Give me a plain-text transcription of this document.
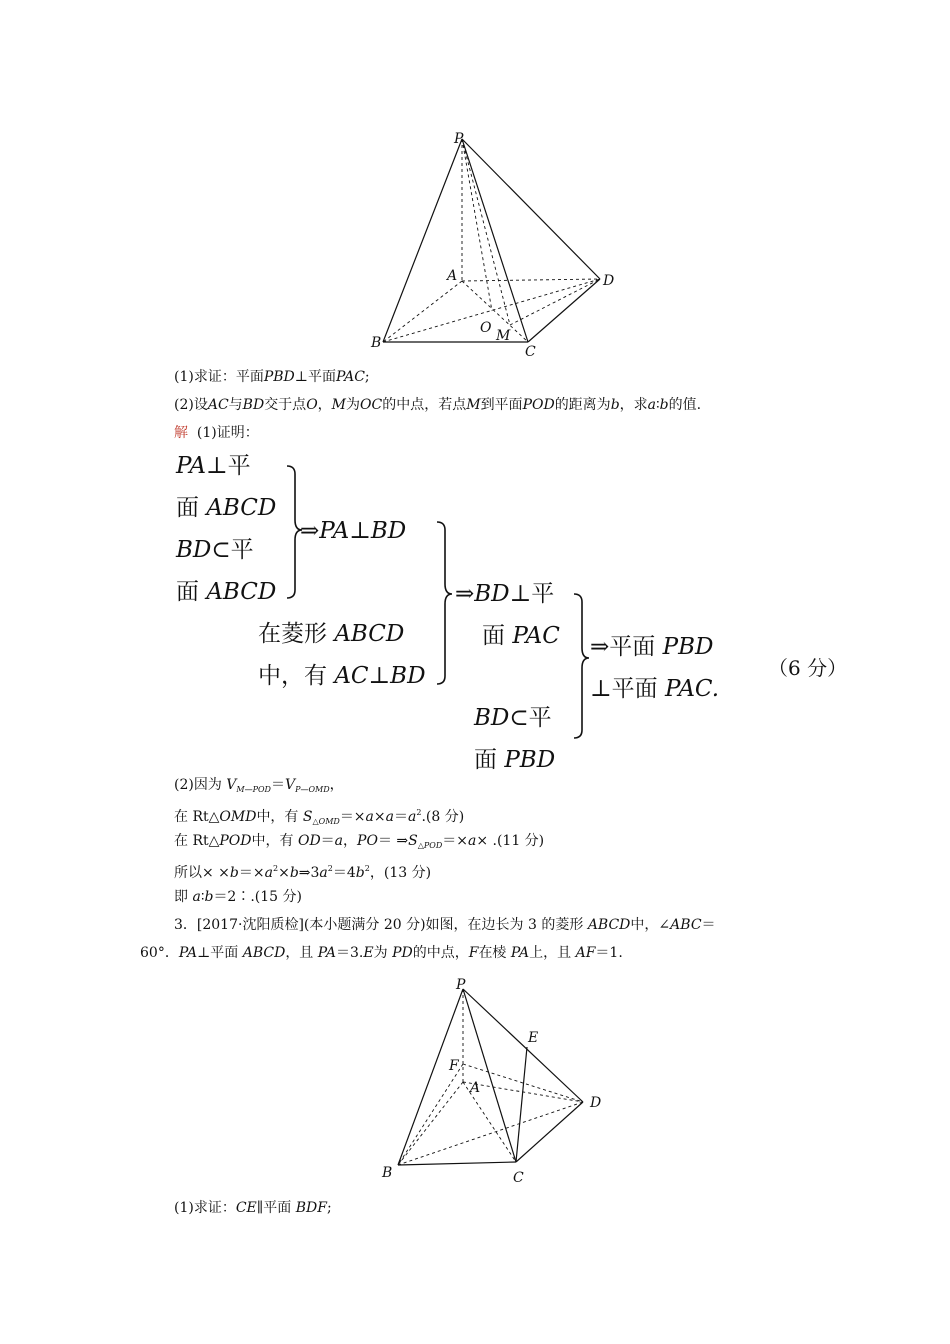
P
A	D
O M
B
C
(1)求证：平面PBD⊥平面PAC;
(2)设AC与BD交于点O，M为OC的中点，若点M到平面POD的距离为b，求a∶b的值.
解 (1)证明：
PA⊥平
面 ABCD
BD⊂平
面 ABCD
⇒PA⊥BD
在菱形 ABCD
中，有 AC⊥BD
⇒BD⊥平
面 PAC
BD⊂平
面 PBD
⇒平面 PBD
⊥平面 PAC.
（6 分）
(2)因为 $V_{M—POD}=V_{P—OMD}$，
在 Rt△OMD中，有 $S_{\triangle OMD}=\times a\times a=a^2.(8$ 分)
在 Rt△POD中，有 OD＝a，$PO= \Rightarrow S_{\triangle POD}=\times a\times .(11$ 分)
所以× $\times b=\times a^2\times b\Rightarrow 3a^2=4b^2$，(13 分)
即 a∶b＝2∶.(15 分)
3．[2017·沈阳质检](本小题满分 20 分)如图，在边长为 3 的菱形 ABCD中，∠ABC＝
60°．PA⊥平面 ABCD，且 PA＝3.E为 PD的中点，F在棱 PA上，且 AF＝1.
P
E
F
A
D
B	C
(1)求证：CE∥平面 BDF;
